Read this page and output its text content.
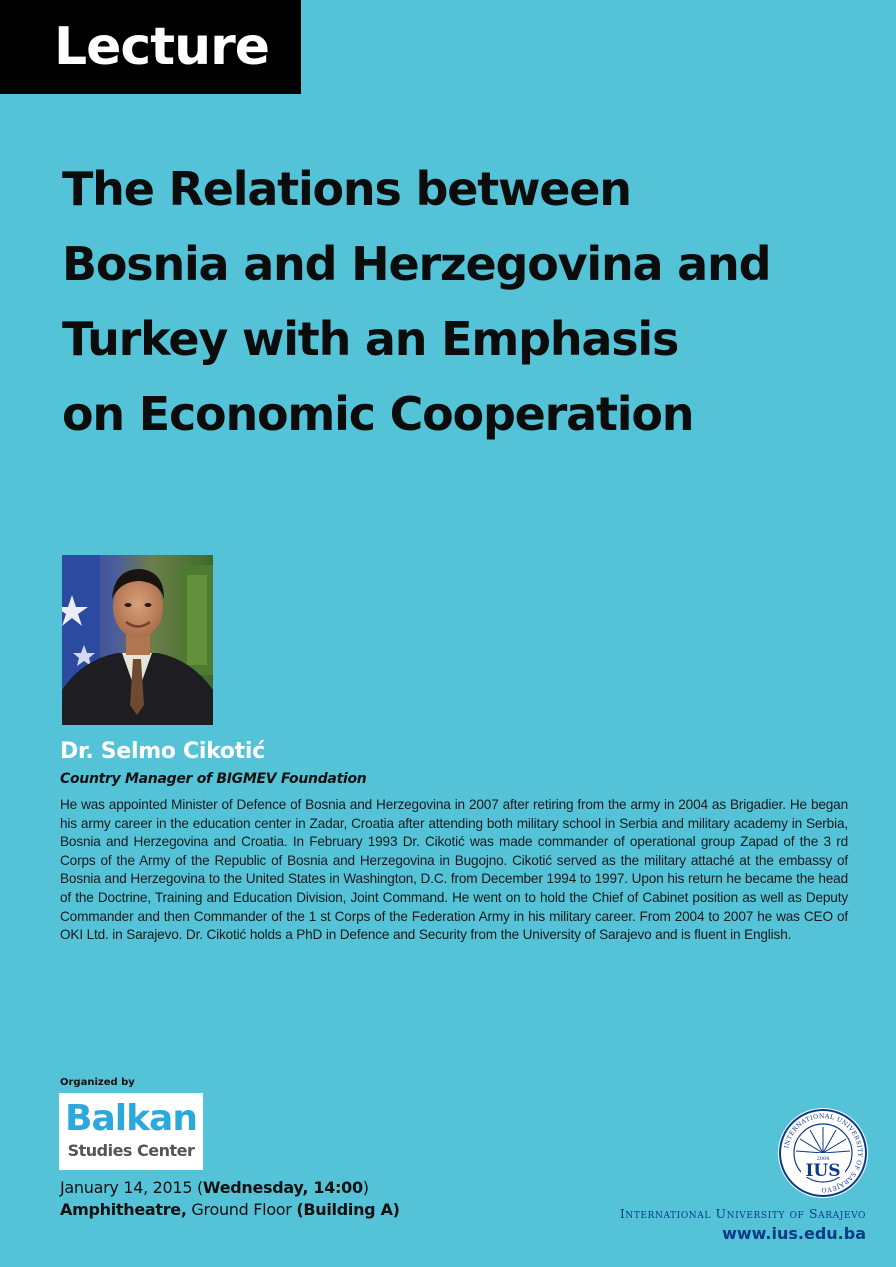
Lecture
The Relations between
Bosnia and Herzegovina and
Turkey with an Emphasis
on Economic Cooperation
Dr. Selmo Cikotić
Country Manager of BIGMEV Foundation
He was appointed Minister of Defence of Bosnia and Herzegovina in 2007 after retiring from the army in 2004 as Brigadier. He began his army career in the education center in Zadar, Croatia after attending both military school in Serbia and military academy in Serbia, Bosnia and Herzegovina and Croatia. In February 1993 Dr. Cikotić was made commander of operational group Zapad of the 3 rd Corps of the Army of the Republic of Bosnia and Herzegovina in Bugojno. Cikotić served as the military attaché at the embassy of Bosnia and Herzegovina to the United States in Washington, D.C. from December 1994 to 1997. Upon his return he became the head of the Doctrine, Training and Education Division, Joint Command. He went on to hold the Chief of Cabinet position as well as Deputy Commander and then Commander of the 1 st Corps of the Federation Army in his military career. From 2004 to 2007 he was CEO of OKI Ltd. in Sarajevo. Dr. Cikotić holds a PhD in Defence and Security from the University of Sarajevo and is fluent in English.
Organized by
Balkan
Studies Center
January 14, 2015 (Wednesday, 14:00)
Amphitheatre, Ground Floor (Building A)
INTERNATIONAL UNIVERSITY OF SARAJEVO
2004
IUS
International University of Sarajevo
www.ius.edu.ba
